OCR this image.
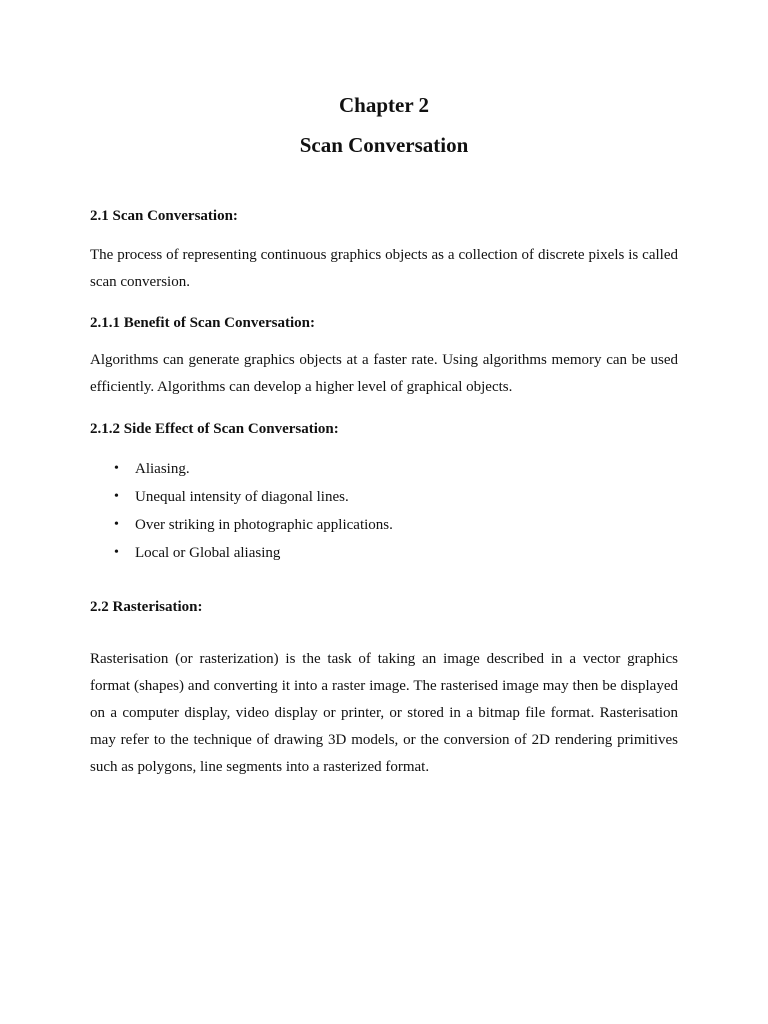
Chapter 2
Scan Conversation
2.1 Scan Conversation:
The process of representing continuous graphics objects as a collection of discrete pixels is called scan conversion.
2.1.1 Benefit of Scan Conversation:
Algorithms can generate graphics objects at a faster rate. Using algorithms memory can be used efficiently. Algorithms can develop a higher level of graphical objects.
2.1.2 Side Effect of Scan Conversation:
• Aliasing.
• Unequal intensity of diagonal lines.
• Over striking in photographic applications.
• Local or Global aliasing
2.2 Rasterisation:
Rasterisation (or rasterization) is the task of taking an image described in a vector graphics format (shapes) and converting it into a raster image. The rasterised image may then be displayed on a computer display, video display or printer, or stored in a bitmap file format. Rasterisation may refer to the technique of drawing 3D models, or the conversion of 2D rendering primitives such as polygons, line segments into a rasterized format.
